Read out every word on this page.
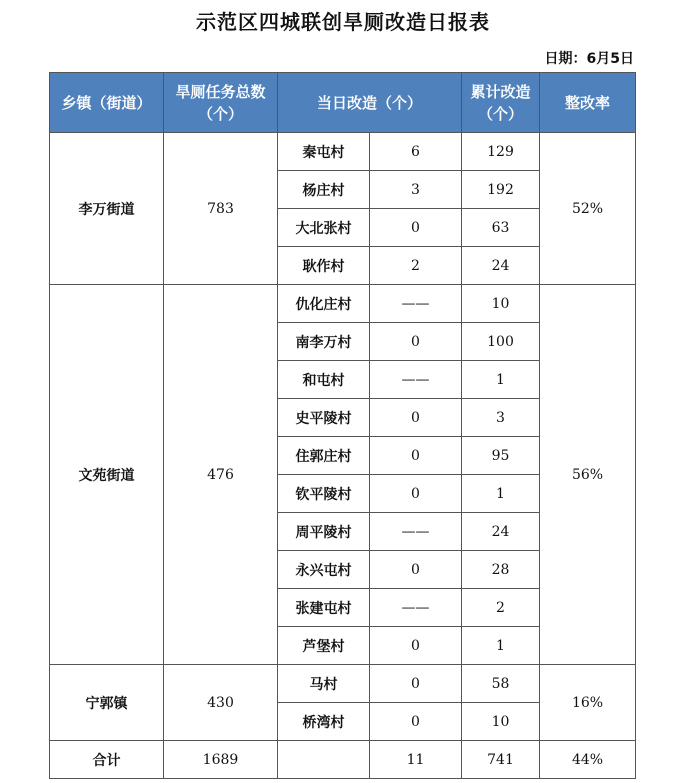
示范区四城联创旱厕改造日报表
日期：6月5日
乡镇（街道）	旱厕任务总数（个）	当日改造（个）		累计改造（个）	整改率
李万街道	783	秦屯村	6	129	52%
		杨庄村	3	192	
		大北张村	0	63	
		耿作村	2	24	
文苑街道	476	仇化庄村	——	10	56%
		南李万村	0	100	
		和屯村	——	1	
		史平陵村	0	3	
		住郭庄村	0	95	
		钦平陵村	0	1	
		周平陵村	——	24	
		永兴屯村	0	28	
		张建屯村	——	2	
		芦堡村	0	1	
宁郭镇	430	马村	0	58	16%
		桥湾村	0	10	
合计	1689		11	741	44%
